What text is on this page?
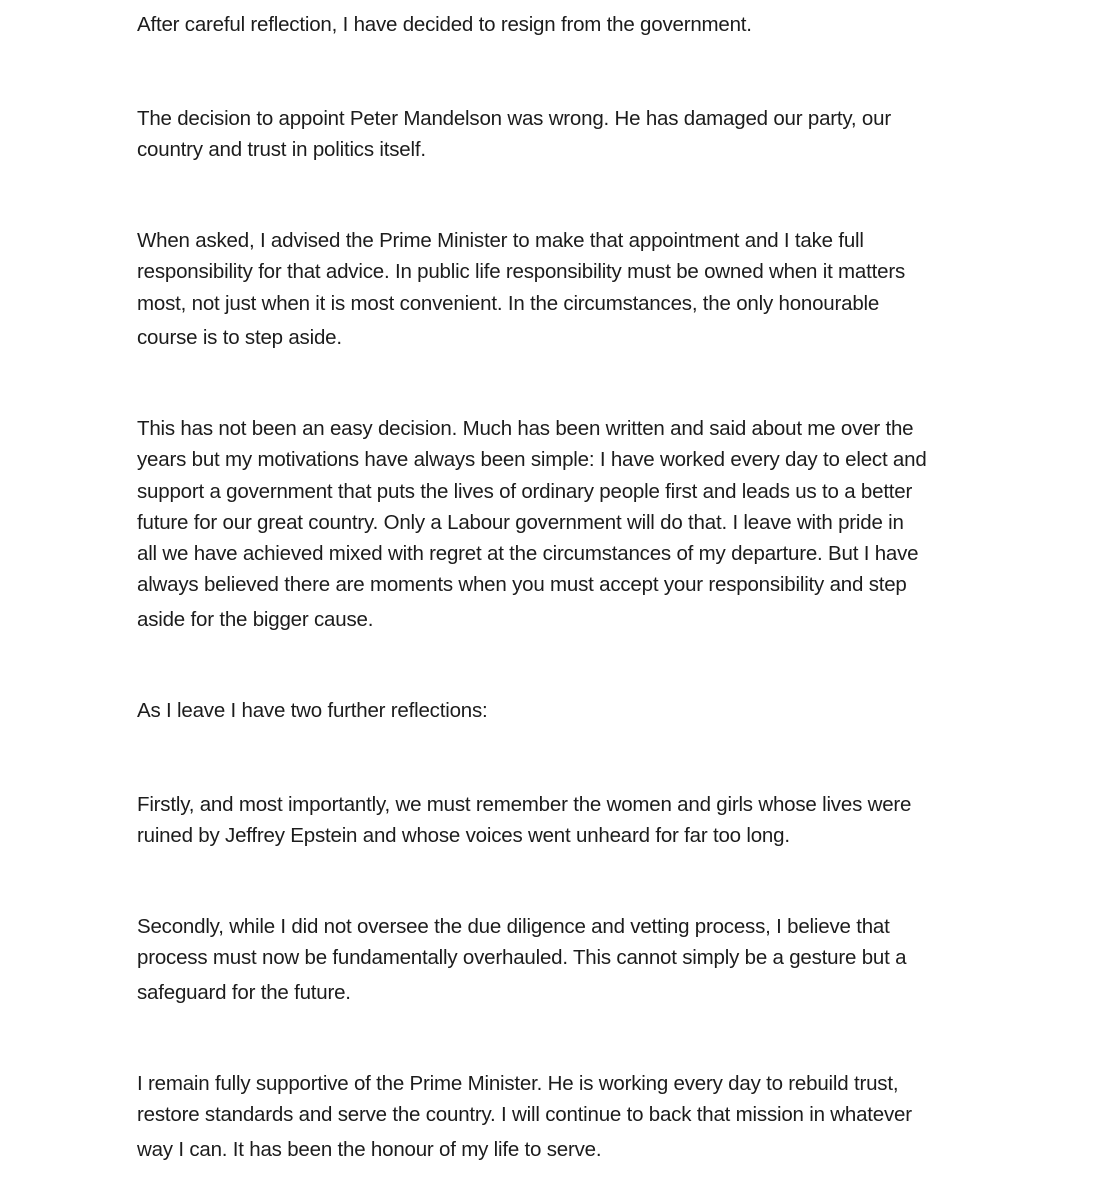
After careful reflection, I have decided to resign from the government.

The decision to appoint Peter Mandelson was wrong. He has damaged our party, our
country and trust in politics itself.

When asked, I advised the Prime Minister to make that appointment and I take full
responsibility for that advice. In public life responsibility must be owned when it matters
most, not just when it is most convenient. In the circumstances, the only honourable
course is to step aside.

This has not been an easy decision. Much has been written and said about me over the
years but my motivations have always been simple: I have worked every day to elect and
support a government that puts the lives of ordinary people first and leads us to a better
future for our great country. Only a Labour government will do that. I leave with pride in
all we have achieved mixed with regret at the circumstances of my departure. But I have
always believed there are moments when you must accept your responsibility and step
aside for the bigger cause.

As I leave I have two further reflections:

Firstly, and most importantly, we must remember the women and girls whose lives were
ruined by Jeffrey Epstein and whose voices went unheard for far too long.

Secondly, while I did not oversee the due diligence and vetting process, I believe that
process must now be fundamentally overhauled. This cannot simply be a gesture but a
safeguard for the future.

I remain fully supportive of the Prime Minister. He is working every day to rebuild trust,
restore standards and serve the country. I will continue to back that mission in whatever
way I can. It has been the honour of my life to serve.
